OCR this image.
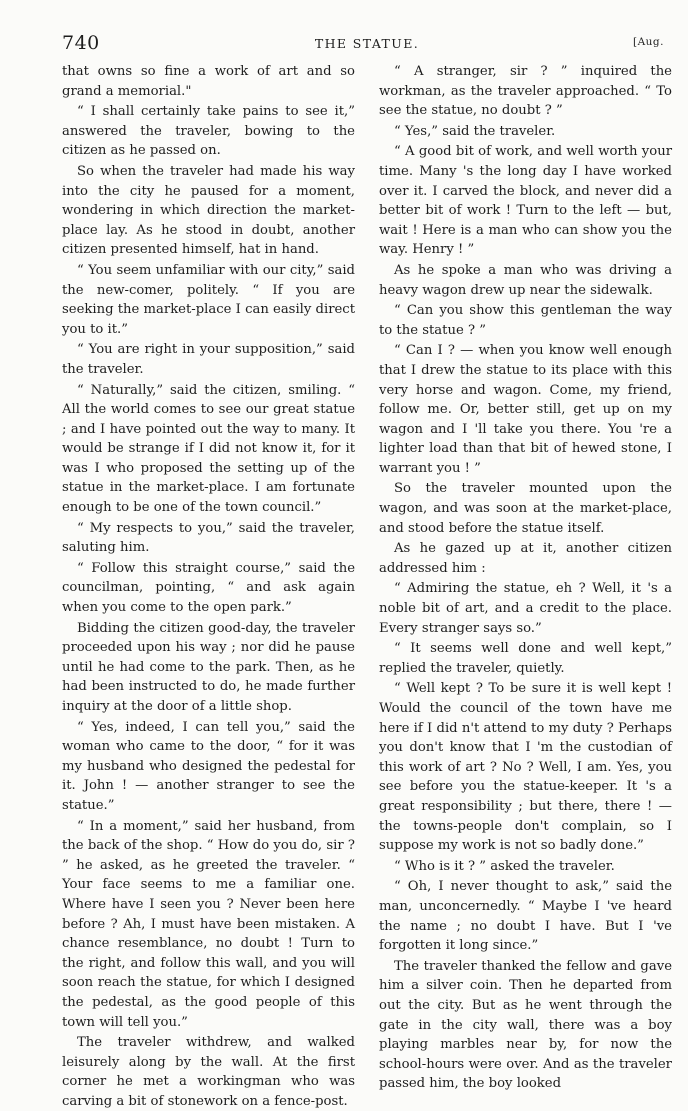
740	THE STATUE.	[Aug.

that owns so fine a work of art and so grand a memorial."

“ I shall certainly take pains to see it,” answered the traveler, bowing to the citizen as he passed on.

So when the traveler had made his way into the city he paused for a moment, wondering in which direction the market-place lay. As he stood in doubt, another citizen presented himself, hat in hand.

“ You seem unfamiliar with our city,” said the new-comer, politely. “ If you are seeking the market-place I can easily direct you to it.”

“ You are right in your supposition,” said the traveler.

“ Naturally,” said the citizen, smiling. “ All the world comes to see our great statue ; and I have pointed out the way to many. It would be strange if I did not know it, for it was I who proposed the setting up of the statue in the market-place. I am fortunate enough to be one of the town council.”

“ My respects to you,” said the traveler, saluting him.

“ Follow this straight course,” said the councilman, pointing, “ and ask again when you come to the open park.”

Bidding the citizen good-day, the traveler proceeded upon his way ; nor did he pause until he had come to the park. Then, as he had been instructed to do, he made further inquiry at the door of a little shop.

“ Yes, indeed, I can tell you,” said the woman who came to the door, “ for it was my husband who designed the pedestal for it. John ! — another stranger to see the statue.”

“ In a moment,” said her husband, from the back of the shop. “ How do you do, sir ? ” he asked, as he greeted the traveler. “ Your face seems to me a familiar one. Where have I seen you ? Never been here before ? Ah, I must have been mistaken. A chance resemblance, no doubt ! Turn to the right, and follow this wall, and you will soon reach the statue, for which I designed the pedestal, as the good people of this town will tell you.”

The traveler withdrew, and walked leisurely along by the wall. At the first corner he met a workingman who was carving a bit of stonework on a fence-post.

“ A stranger, sir ? ” inquired the workman, as the traveler approached. “ To see the statue, no doubt ? ”

“ Yes,” said the traveler.

“ A good bit of work, and well worth your time. Many 's the long day I have worked over it. I carved the block, and never did a better bit of work ! Turn to the left — but, wait ! Here is a man who can show you the way. Henry ! ”

As he spoke a man who was driving a heavy wagon drew up near the sidewalk.

“ Can you show this gentleman the way to the statue ? ”

“ Can I ? — when you know well enough that I drew the statue to its place with this very horse and wagon. Come, my friend, follow me. Or, better still, get up on my wagon and I 'll take you there. You 're a lighter load than that bit of hewed stone, I warrant you ! ”

So the traveler mounted upon the wagon, and was soon at the market-place, and stood before the statue itself.

As he gazed up at it, another citizen addressed him :

“ Admiring the statue, eh ? Well, it 's a noble bit of art, and a credit to the place. Every stranger says so.”

“ It seems well done and well kept,” replied the traveler, quietly.

“ Well kept ? To be sure it is well kept ! Would the council of the town have me here if I did n't attend to my duty ? Perhaps you don't know that I 'm the custodian of this work of art ? No ? Well, I am. Yes, you see before you the statue-keeper. It 's a great responsibility ; but there, there ! — the towns-people don't complain, so I suppose my work is not so badly done.”

“ Who is it ? ” asked the traveler.

“ Oh, I never thought to ask,” said the man, unconcernedly. “ Maybe I 've heard the name ; no doubt I have. But I 've forgotten it long since.”

The traveler thanked the fellow and gave him a silver coin. Then he departed from out the city. But as he went through the gate in the city wall, there was a boy playing marbles near by, for now the school-hours were over. And as the traveler passed him, the boy looked
